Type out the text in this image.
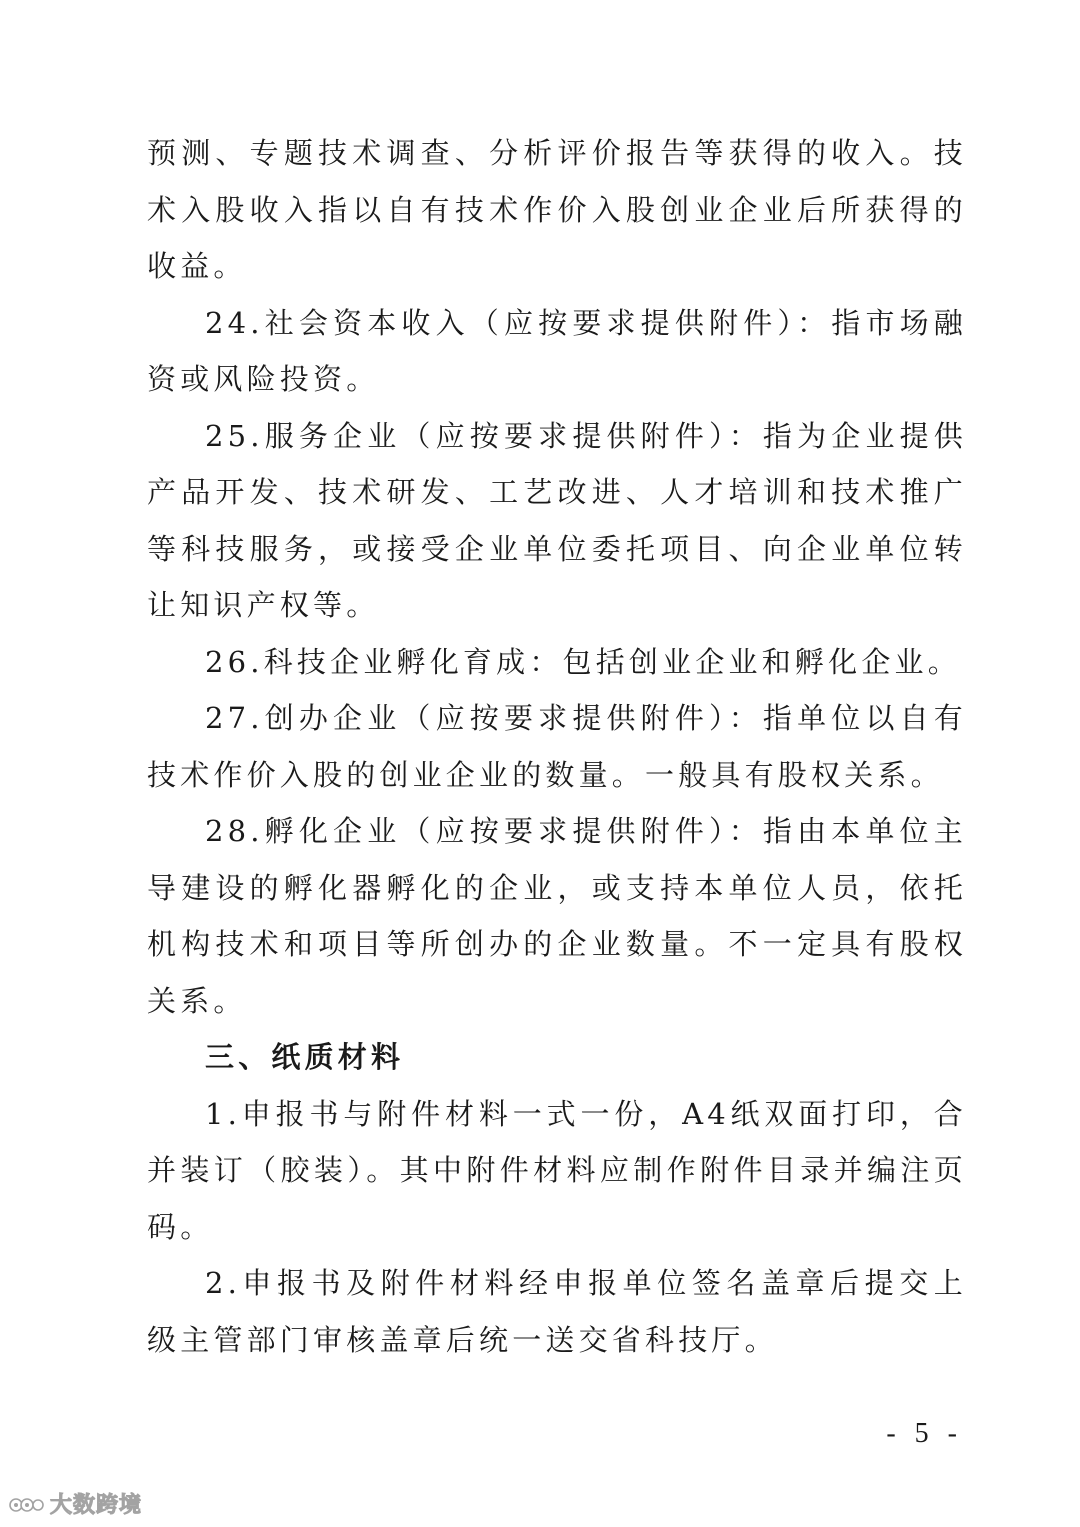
预测、专题技术调查、分析评价报告等获得的收入。技术入股收入指以自有技术作价入股创业企业后所获得的收益。

24.社会资本收入（应按要求提供附件）：指市场融资或风险投资。

25.服务企业（应按要求提供附件）：指为企业提供产品开发、技术研发、工艺改进、人才培训和技术推广等科技服务，或接受企业单位委托项目、向企业单位转让知识产权等。

26.科技企业孵化育成：包括创业企业和孵化企业。

27.创办企业（应按要求提供附件）：指单位以自有技术作价入股的创业企业的数量。一般具有股权关系。

28.孵化企业（应按要求提供附件）：指由本单位主导建设的孵化器孵化的企业，或支持本单位人员，依托机构技术和项目等所创办的企业数量。不一定具有股权关系。

三、纸质材料

1.申报书与附件材料一式一份，A4纸双面打印，合并装订（胶装）。其中附件材料应制作附件目录并编注页码。

2.申报书及附件材料经申报单位签名盖章后提交上级主管部门审核盖章后统一送交省科技厅。

- 5 -
大数跨境
